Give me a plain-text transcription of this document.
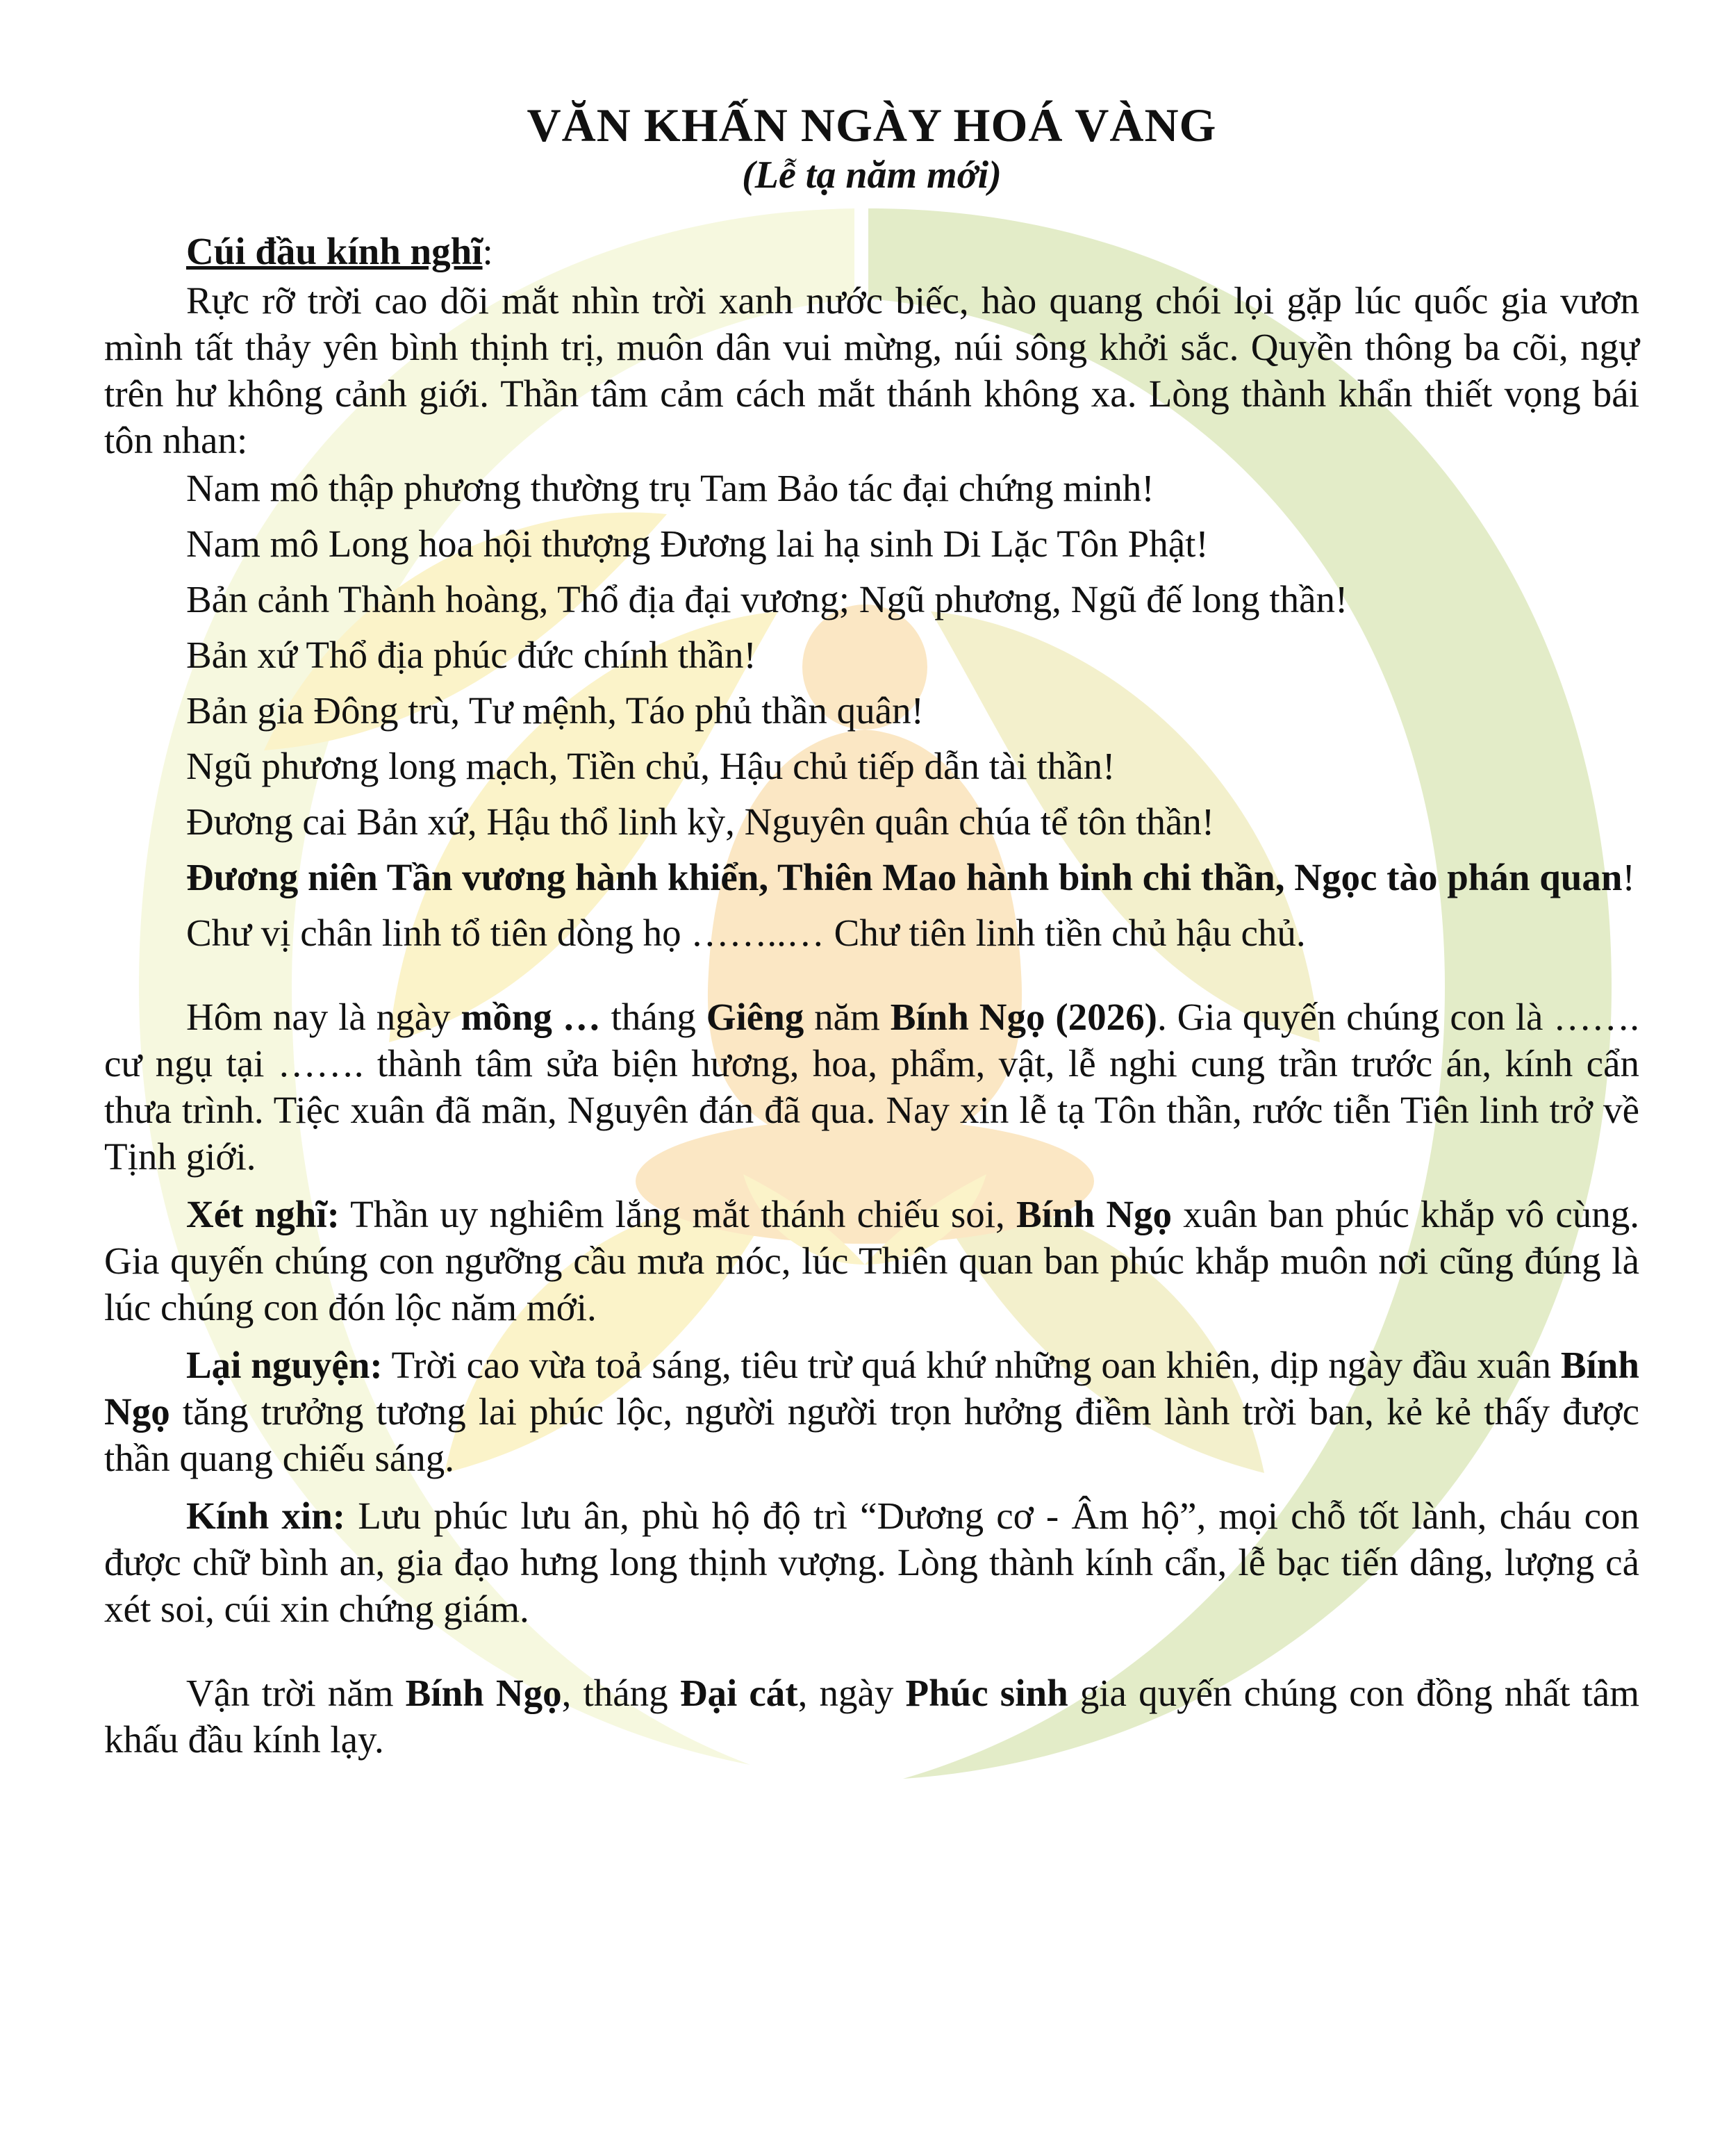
VĂN KHẤN NGÀY HOÁ VÀNG
(Lễ tạ năm mới)

Cúi đầu kính nghĩ:

Rực rỡ trời cao dõi mắt nhìn trời xanh nước biếc, hào quang chói lọi gặp lúc quốc gia vươn mình tất thảy yên bình thịnh trị, muôn dân vui mừng, núi sông khởi sắc. Quyền thông ba cõi, ngự trên hư không cảnh giới. Thần tâm cảm cách mắt thánh không xa. Lòng thành khẩn thiết vọng bái tôn nhan:

Nam mô thập phương thường trụ Tam Bảo tác đại chứng minh!

Nam mô Long hoa hội thượng Đương lai hạ sinh Di Lặc Tôn Phật!

Bản cảnh Thành hoàng, Thổ địa đại vương; Ngũ phương, Ngũ đế long thần!

Bản xứ Thổ địa phúc đức chính thần!

Bản gia Đông trù, Tư mệnh, Táo phủ thần quân!

Ngũ phương long mạch, Tiền chủ, Hậu chủ tiếp dẫn tài thần!

Đương cai Bản xứ, Hậu thổ linh kỳ, Nguyên quân chúa tể tôn thần!

Đương niên Tần vương hành khiển, Thiên Mao hành binh chi thần, Ngọc tào phán quan!

Chư vị chân linh tổ tiên dòng họ ……..… Chư tiên linh tiền chủ hậu chủ.

Hôm nay là ngày mồng … tháng Giêng năm Bính Ngọ (2026). Gia quyến chúng con là ……. cư ngụ tại ……. thành tâm sửa biện hương, hoa, phẩm, vật, lễ nghi cung trần trước án, kính cẩn thưa trình. Tiệc xuân đã mãn, Nguyên đán đã qua. Nay xin lễ tạ Tôn thần, rước tiễn Tiên linh trở về Tịnh giới.

Xét nghĩ: Thần uy nghiêm lắng mắt thánh chiếu soi, Bính Ngọ xuân ban phúc khắp vô cùng. Gia quyến chúng con ngưỡng cầu mưa móc, lúc Thiên quan ban phúc khắp muôn nơi cũng đúng là lúc chúng con đón lộc năm mới.

Lại nguyện: Trời cao vừa toả sáng, tiêu trừ quá khứ những oan khiên, dịp ngày đầu xuân Bính Ngọ tăng trưởng tương lai phúc lộc, người người trọn hưởng điềm lành trời ban, kẻ kẻ thấy được thần quang chiếu sáng.

Kính xin: Lưu phúc lưu ân, phù hộ độ trì “Dương cơ - Âm hộ”, mọi chỗ tốt lành, cháu con được chữ bình an, gia đạo hưng long thịnh vượng. Lòng thành kính cẩn, lễ bạc tiến dâng, lượng cả xét soi, cúi xin chứng giám.

Vận trời năm Bính Ngọ, tháng Đại cát, ngày Phúc sinh gia quyến chúng con đồng nhất tâm khấu đầu kính lạy.
